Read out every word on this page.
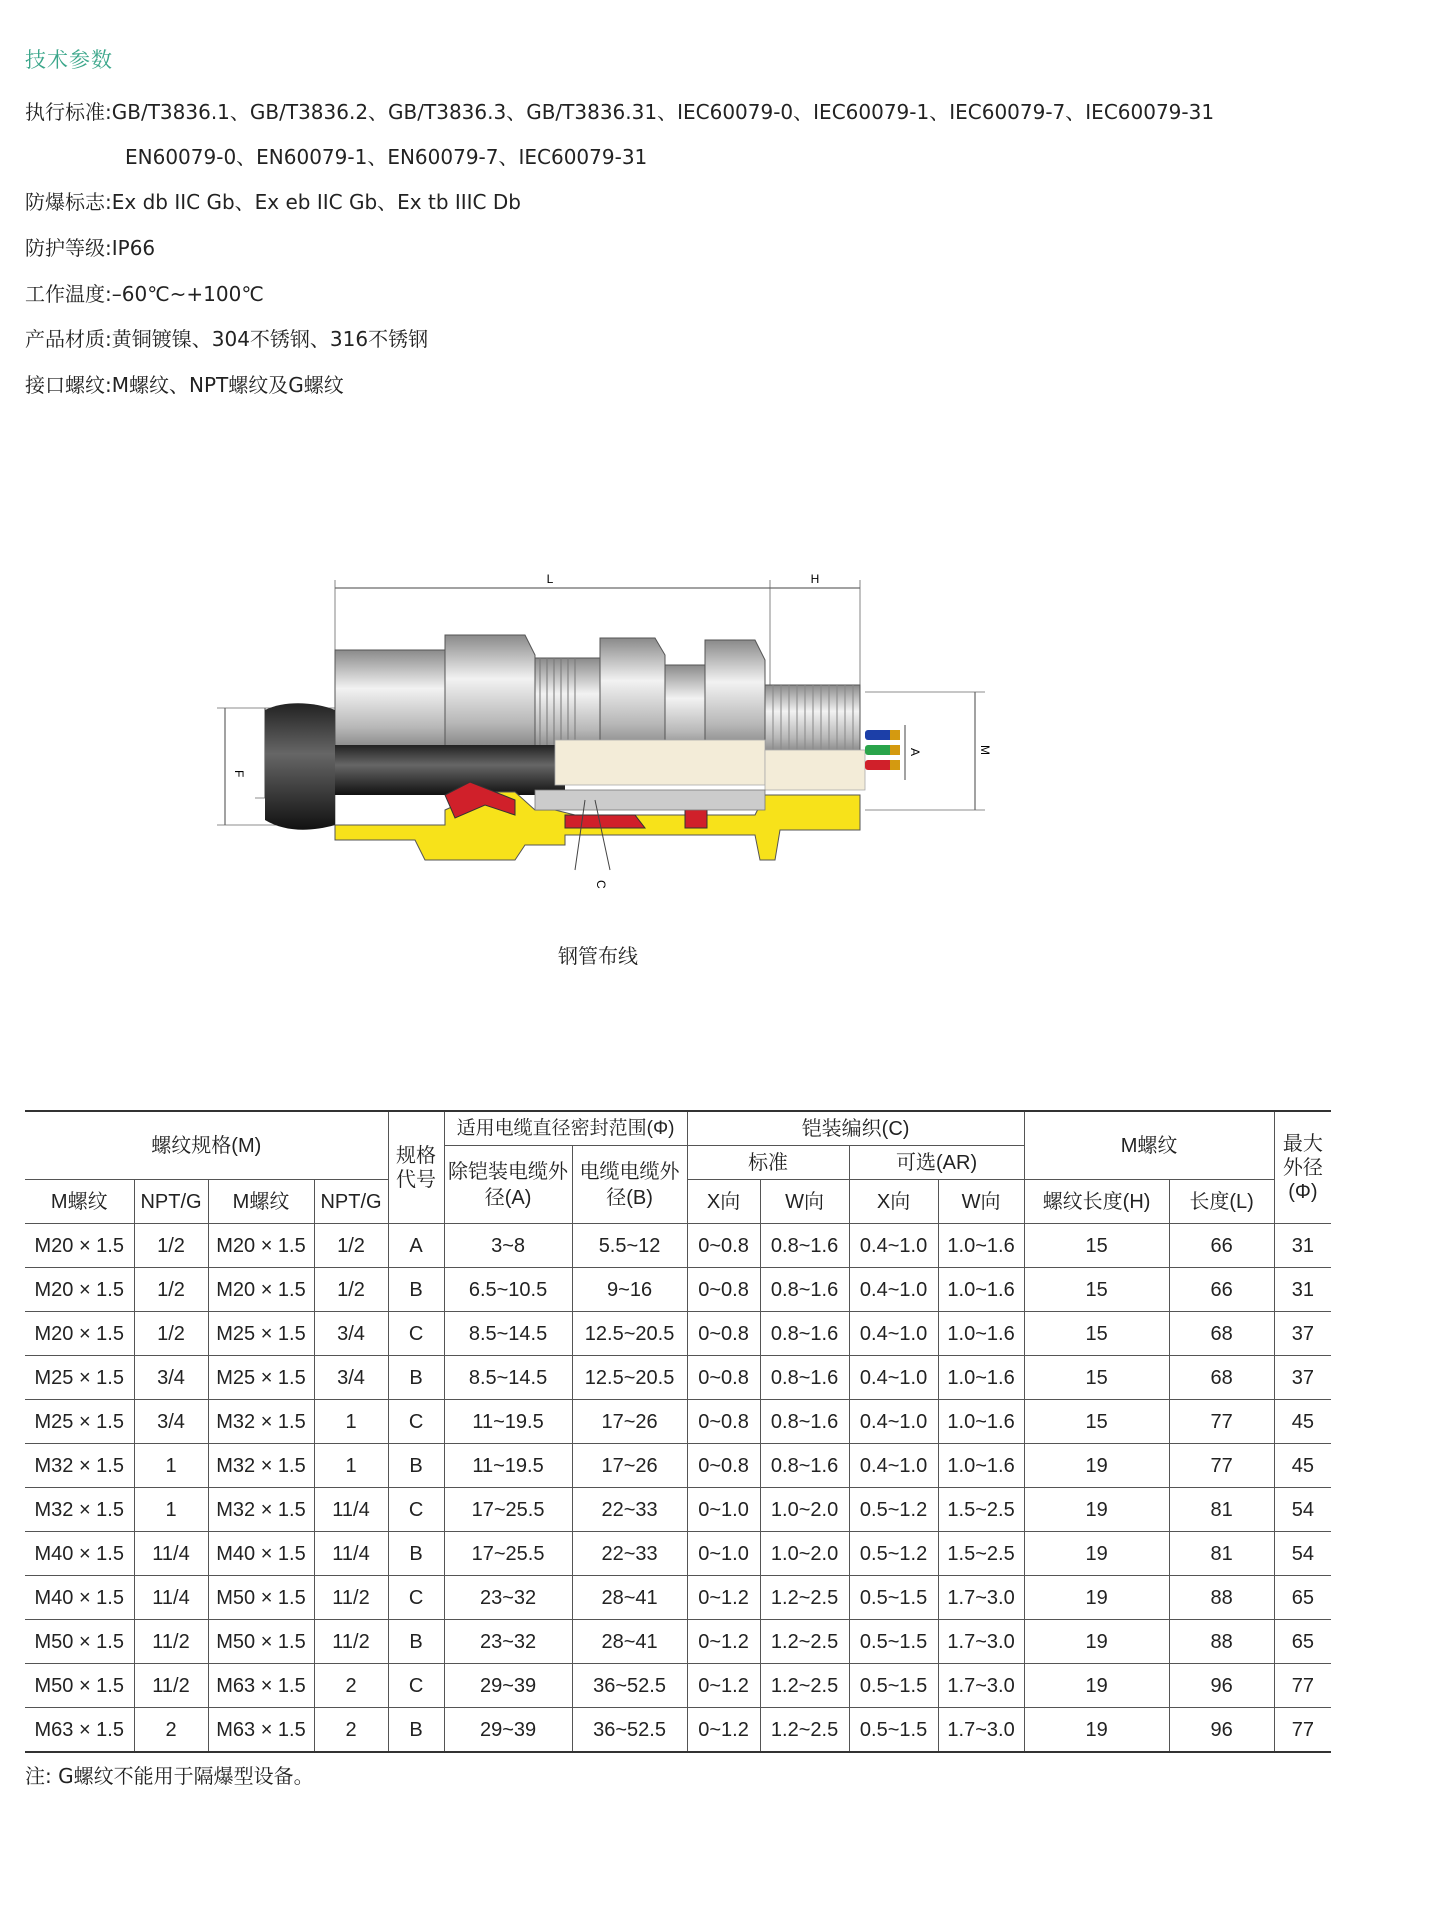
技术参数
执行标准:GB/T3836.1、GB/T3836.2、GB/T3836.3、GB/T3836.31、IEC60079-0、IEC60079-1、IEC60079-7、IEC60079-31
EN60079-0、EN60079-1、EN60079-7、IEC60079-31
防爆标志:Ex db IIC Gb、Ex eb IIC Gb、Ex tb IIIC Db
防护等级:IP66
工作温度:–60℃~+100℃
产品材质:黄铜镀镍、304不锈钢、316不锈钢
接口螺纹:M螺纹、NPT螺纹及G螺纹
L	H
F
A	M
C
钢管布线
螺纹规格(M)				规格代号	适用电缆直径密封范围(Φ)		铠装编织(C)				M螺纹		最大外径(Φ)
					除铠装电缆外径(A)	电缆电缆外径(B)	标准		可选(AR)				
M螺纹	NPT/G	M螺纹	NPT/G				X向	W向	X向	W向	螺纹长度(H)	长度(L)	
M20 × 1.5	1/2	M20 × 1.5	1/2	A	3~8	5.5~12	0~0.8	0.8~1.6	0.4~1.0	1.0~1.6	15	66	31
M20 × 1.5	1/2	M20 × 1.5	1/2	B	6.5~10.5	9~16	0~0.8	0.8~1.6	0.4~1.0	1.0~1.6	15	66	31
M20 × 1.5	1/2	M25 × 1.5	3/4	C	8.5~14.5	12.5~20.5	0~0.8	0.8~1.6	0.4~1.0	1.0~1.6	15	68	37
M25 × 1.5	3/4	M25 × 1.5	3/4	B	8.5~14.5	12.5~20.5	0~0.8	0.8~1.6	0.4~1.0	1.0~1.6	15	68	37
M25 × 1.5	3/4	M32 × 1.5	1	C	11~19.5	17~26	0~0.8	0.8~1.6	0.4~1.0	1.0~1.6	15	77	45
M32 × 1.5	1	M32 × 1.5	1	B	11~19.5	17~26	0~0.8	0.8~1.6	0.4~1.0	1.0~1.6	19	77	45
M32 × 1.5	1	M32 × 1.5	11/4	C	17~25.5	22~33	0~1.0	1.0~2.0	0.5~1.2	1.5~2.5	19	81	54
M40 × 1.5	11/4	M40 × 1.5	11/4	B	17~25.5	22~33	0~1.0	1.0~2.0	0.5~1.2	1.5~2.5	19	81	54
M40 × 1.5	11/4	M50 × 1.5	11/2	C	23~32	28~41	0~1.2	1.2~2.5	0.5~1.5	1.7~3.0	19	88	65
M50 × 1.5	11/2	M50 × 1.5	11/2	B	23~32	28~41	0~1.2	1.2~2.5	0.5~1.5	1.7~3.0	19	88	65
M50 × 1.5	11/2	M63 × 1.5	2	C	29~39	36~52.5	0~1.2	1.2~2.5	0.5~1.5	1.7~3.0	19	96	77
M63 × 1.5	2	M63 × 1.5	2	B	29~39	36~52.5	0~1.2	1.2~2.5	0.5~1.5	1.7~3.0	19	96	77
注: G螺纹不能用于隔爆型设备。
